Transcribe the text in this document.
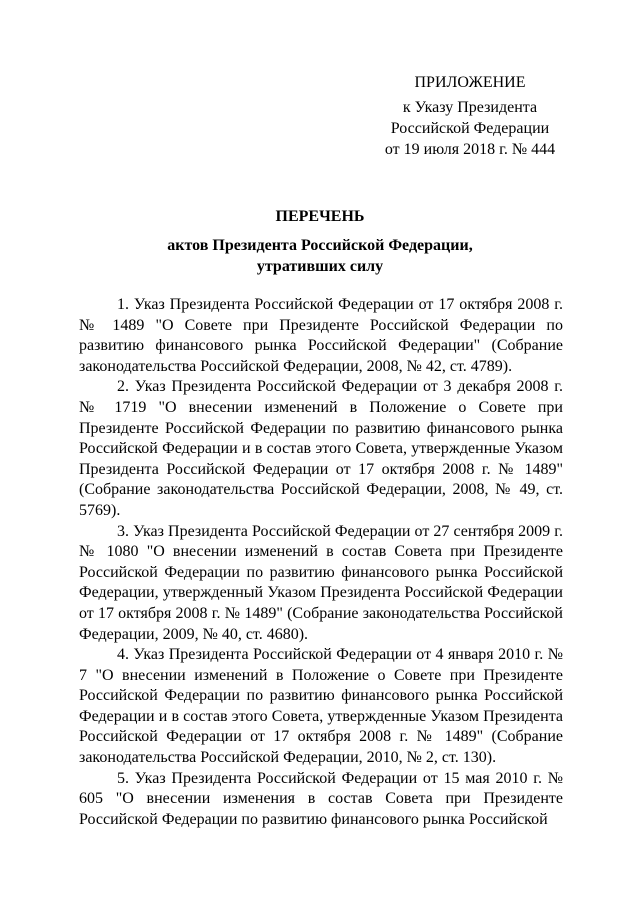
ПРИЛОЖЕНИЕ
к Указу Президента
Российской Федерации
от 19 июля 2018 г. № 444
ПЕРЕЧЕНЬ
актов Президента Российской Федерации,
утративших силу

1. Указ Президента Российской Федерации от 17 октября 2008 г. № 1489 "О Совете при Президенте Российской Федерации по развитию финансового рынка Российской Федерации" (Собрание законодательства Российской Федерации, 2008, № 42, ст. 4789).

2. Указ Президента Российской Федерации от 3 декабря 2008 г. № 1719 "О внесении изменений в Положение о Совете при Президенте Российской Федерации по развитию финансового рынка Российской Федерации и в состав этого Совета, утвержденные Указом Президента Российской Федерации от 17 октября 2008 г. № 1489" (Собрание законодательства Российской Федерации, 2008, № 49, ст. 5769).

3. Указ Президента Российской Федерации от 27 сентября 2009 г. № 1080 "О внесении изменений в состав Совета при Президенте Российской Федерации по развитию финансового рынка Российской Федерации, утвержденный Указом Президента Российской Федерации от 17 октября 2008 г. № 1489" (Собрание законодательства Российской Федерации, 2009, № 40, ст. 4680).

4. Указ Президента Российской Федерации от 4 января 2010 г. № 7 "О внесении изменений в Положение о Совете при Президенте Российской Федерации по развитию финансового рынка Российской Федерации и в состав этого Совета, утвержденные Указом Президента Российской Федерации от 17 октября 2008 г. № 1489" (Собрание законодательства Российской Федерации, 2010, № 2, ст. 130).

5. Указ Президента Российской Федерации от 15 мая 2010 г. № 605 "О внесении изменения в состав Совета при Президенте Российской Федерации по развитию финансового рынка Российской
